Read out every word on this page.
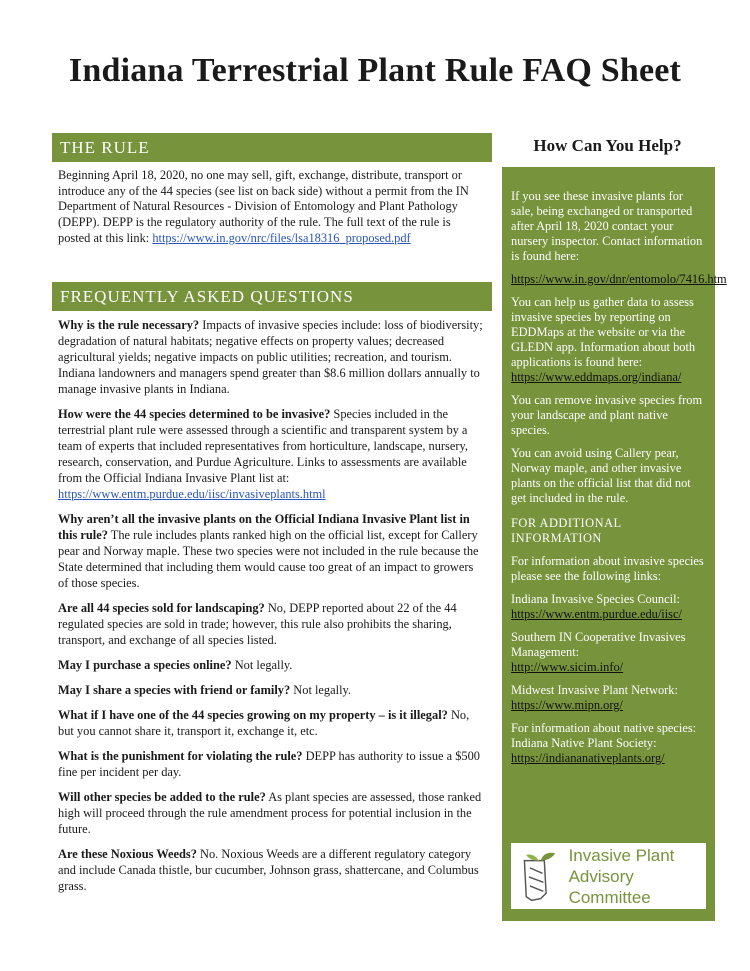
Indiana Terrestrial Plant Rule FAQ Sheet
THE RULE
Beginning April 18, 2020, no one may sell, gift, exchange, distribute, transport or introduce any of the 44 species (see list on back side) without a permit from the IN Department of Natural Resources - Division of Entomology and Plant Pathology (DEPP). DEPP is the regulatory authority of the rule. The full text of the rule is posted at this link: https://www.in.gov/nrc/files/lsa18316_proposed.pdf
FREQUENTLY ASKED QUESTIONS
Why is the rule necessary? Impacts of invasive species include: loss of biodiversity; degradation of natural habitats; negative effects on property values; decreased agricultural yields; negative impacts on public utilities; recreation, and tourism. Indiana landowners and managers spend greater than $8.6 million dollars annually to manage invasive plants in Indiana.
How were the 44 species determined to be invasive? Species included in the terrestrial plant rule were assessed through a scientific and transparent system by a team of experts that included representatives from horticulture, landscape, nursery, research, conservation, and Purdue Agriculture. Links to assessments are available from the Official Indiana Invasive Plant list at: https://www.entm.purdue.edu/iisc/invasiveplants.html
Why aren’t all the invasive plants on the Official Indiana Invasive Plant list in this rule? The rule includes plants ranked high on the official list, except for Callery pear and Norway maple. These two species were not included in the rule because the State determined that including them would cause too great of an impact to growers of those species.
Are all 44 species sold for landscaping? No, DEPP reported about 22 of the 44 regulated species are sold in trade; however, this rule also prohibits the sharing, transport, and exchange of all species listed.
May I purchase a species online? Not legally.
May I share a species with friend or family? Not legally.
What if I have one of the 44 species growing on my property – is it illegal? No, but you cannot share it, transport it, exchange it, etc.
What is the punishment for violating the rule? DEPP has authority to issue a $500 fine per incident per day.
Will other species be added to the rule? As plant species are assessed, those ranked high will proceed through the rule amendment process for potential inclusion in the future.
Are these Noxious Weeds? No. Noxious Weeds are a different regulatory category and include Canada thistle, bur cucumber, Johnson grass, shattercane, and Columbus grass.
How Can You Help?

If you see these invasive plants for sale, being exchanged or transported after April 18, 2020 contact your nursery inspector. Contact information is found here:

https://www.in.gov/dnr/entomolo/7416.htm

You can help us gather data to assess invasive species by reporting on EDDMaps at the website or via the GLEDN app. Information about both applications is found here: https://www.eddmaps.org/indiana/

You can remove invasive species from your landscape and plant native species.

You can avoid using Callery pear, Norway maple, and other invasive plants on the official list that did not get included in the rule.

FOR ADDITIONAL INFORMATION

For information about invasive species please see the following links:

Indiana Invasive Species Council:
https://www.entm.purdue.edu/iisc/

Southern IN Cooperative Invasives Management:
http://www.sicim.info/

Midwest Invasive Plant Network:
https://www.mipn.org/

For information about native species: Indiana Native Plant Society:
https://indiananativeplants.org/

Invasive Plant
Advisory Committee
